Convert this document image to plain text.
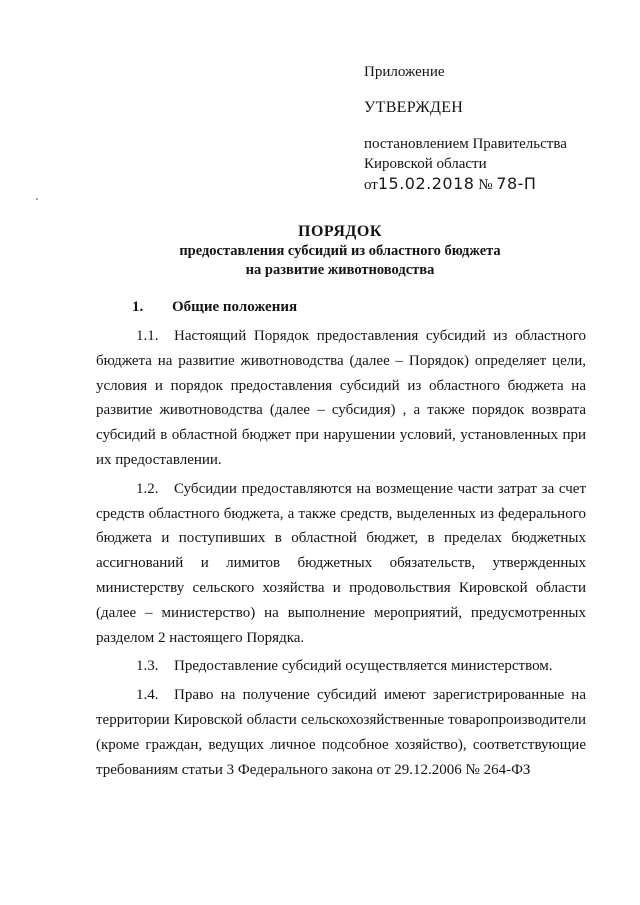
Приложение

УТВЕРЖДЕН

постановлением Правительства

Кировской области

от15.02.2018 № 78-П

ПОРЯДОК

предоставления субсидий из областного бюджета

на развитие животноводства

1. Общие положения

1.1. Настоящий Порядок предоставления субсидий из областного бюджета на развитие животноводства (далее – Порядок) определяет цели, условия и порядок предоставления субсидий из областного бюджета на развитие животноводства (далее – субсидия) , а также порядок возврата субсидий в областной бюджет при нарушении условий, установленных при их предоставлении.

1.2. Субсидии предоставляются на возмещение части затрат за счет средств областного бюджета, а также средств, выделенных из федерального бюджета и поступивших в областной бюджет, в пределах бюджетных ассигнований и лимитов бюджетных обязательств, утвержденных министерству сельского хозяйства и продовольствия Кировской области (далее – министерство) на выполнение мероприятий, предусмотренных разделом 2 настоящего Порядка.

1.3. Предоставление субсидий осуществляется министерством.

1.4. Право на получение субсидий имеют зарегистрированные на территории Кировской области сельскохозяйственные товаропроизводители (кроме граждан, ведущих личное подсобное хозяйство), соответствующие требованиям статьи 3 Федерального закона от 29.12.2006 № 264-ФЗ
